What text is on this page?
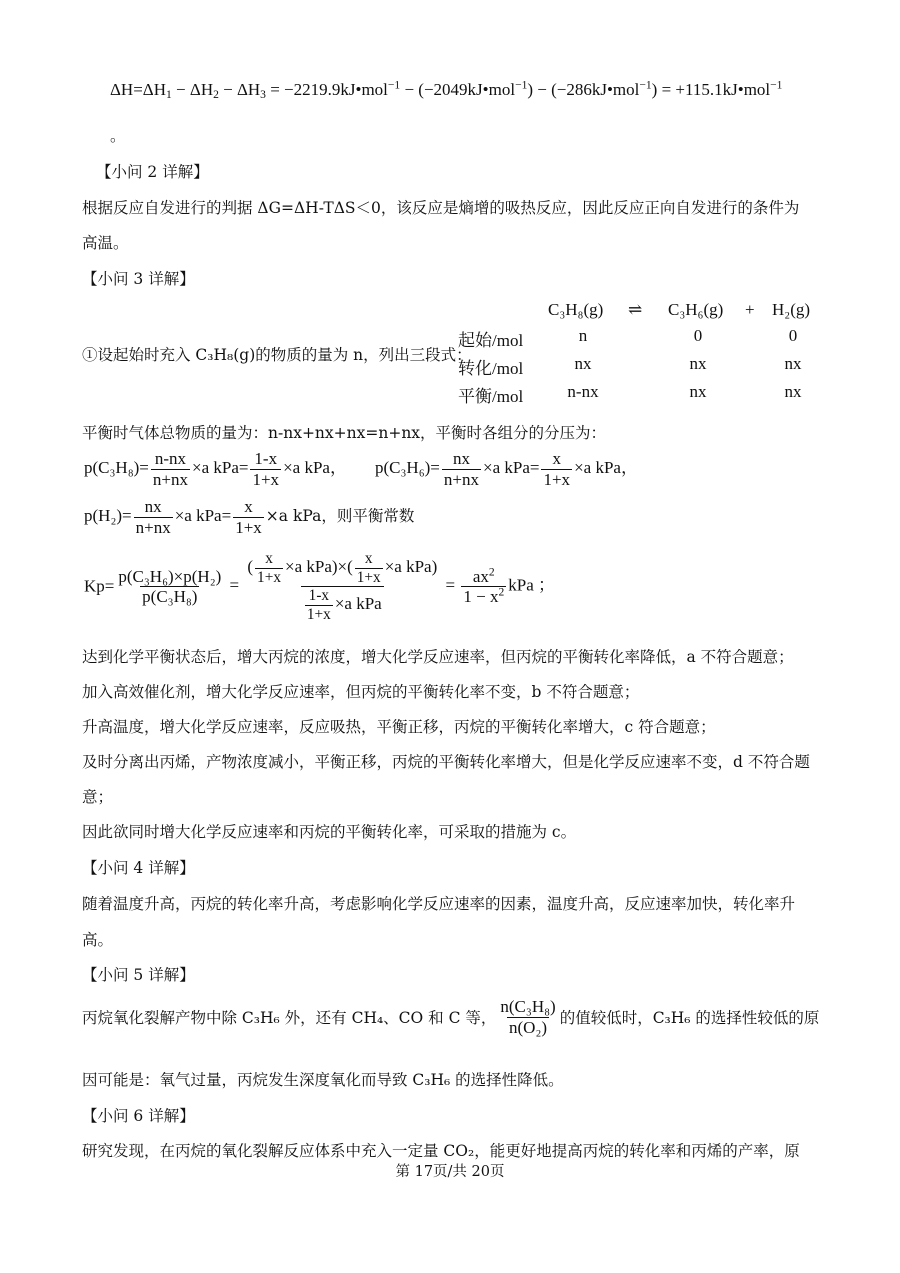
$\Delta H=\Delta H_1 - \Delta H_2 - \Delta H_3$ = −2219.9kJ•mol$^{-1}$ − (−2049kJ•mol$^{-1}$) − (−286kJ•mol$^{-1}$) = +115.1kJ•mol$^{-1}$
。
【小问 2 详解】
根据反应自发进行的判据 ΔG=ΔH-TΔS＜0，该反应是熵增的吸热反应，因此反应正向自发进行的条件为
高温。
【小问 3 详解】
C₃H₈(g) ⇌ C₃H₆(g) + H₂(g)
①设起始时充入 C₃H₈(g)的物质的量为 n，列出三段式：
起始/mol	n	0	0
转化/mol	nx	nx	nx
平衡/mol	n-nx	nx	nx
平衡时气体总物质的量为：n-nx+nx+nx=n+nx，平衡时各组分的分压为：
$p(C_3H_8)= \frac{n-nx}{n+nx} \times a$ $kPa= \frac{1-x}{1+x} \times a$ kPa， $p(C_3H_6)= \frac{nx}{n+nx} \times a$ $kPa= \frac{x}{1+x} \times a$ kPa，
$p(H_2)= \frac{nx}{n+nx} \times a$ $kPa= \frac{x}{1+x} \times a$ kPa，则平衡常数
$Kp= \frac{\text{p(C₃H₆)×p(H₂)}}{\text{p(C₃H₈)}} = \frac{( \frac{x}{1+x} \times a kPa)\times( \frac{x}{1+x} \times a kPa)}{\frac{1-x}{1+x} \times a kPa} = \frac{ax^2}{1 - x^2}$ kPa ；
达到化学平衡状态后，增大丙烷的浓度，增大化学反应速率，但丙烷的平衡转化率降低，a 不符合题意；
加入高效催化剂，增大化学反应速率，但丙烷的平衡转化率不变，b 不符合题意；
升高温度，增大化学反应速率，反应吸热，平衡正移，丙烷的平衡转化率增大，c 符合题意；
及时分离出丙烯，产物浓度减小，平衡正移，丙烷的平衡转化率增大，但是化学反应速率不变，d 不符合题
意；
因此欲同时增大化学反应速率和丙烷的平衡转化率，可采取的措施为 c。
【小问 4 详解】
随着温度升高，丙烷的转化率升高，考虑影响化学反应速率的因素，温度升高，反应速率加快，转化率升
高。
【小问 5 详解】
丙烷氧化裂解产物中除 C₃H₆ 外，还有 CH₄、CO 和 C 等， $\frac{\text{n(C₃H₈)}}{\text{n(O₂)}}$ 的值较低时，C₃H₆ 的选择性较低的原
因可能是：氧气过量，丙烷发生深度氧化而导致 C₃H₆ 的选择性降低。
【小问 6 详解】
研究发现，在丙烷的氧化裂解反应体系中充入一定量 CO₂，能更好地提高丙烷的转化率和丙烯的产率，原
第 17页/共 20页
